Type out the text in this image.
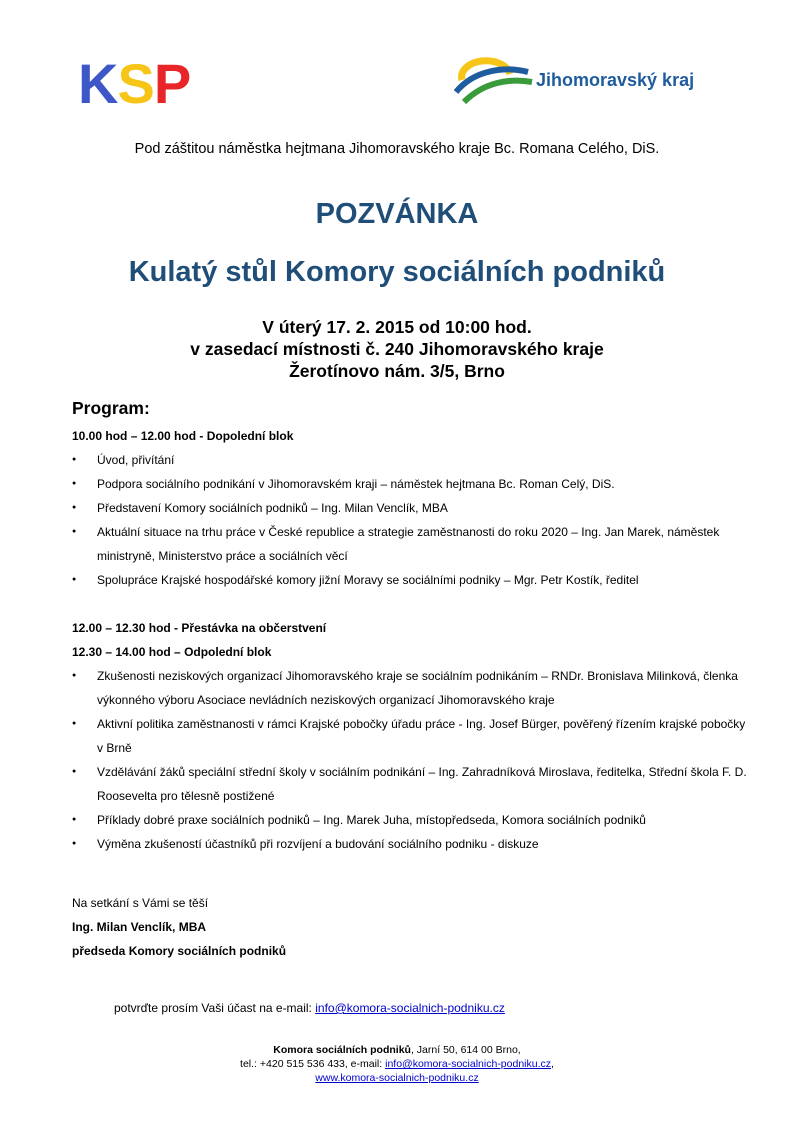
KSP	Jihomoravský kraj
Pod záštitou náměstka hejtmana Jihomoravského kraje Bc. Romana Celého, DiS.
POZVÁNKA
Kulatý stůl Komory sociálních podniků
V úterý 17. 2. 2015 od 10:00 hod.
v zasedací místnosti č. 240 Jihomoravského kraje
Žerotínovo nám. 3/5, Brno
Program:
10.00 hod – 12.00 hod - Dopolední blok
● Úvod, přivítání
● Podpora sociálního podnikání v Jihomoravském kraji – náměstek hejtmana Bc. Roman Celý, DiS.
● Představení Komory sociálních podniků – Ing. Milan Venclík, MBA
● Aktuální situace na trhu práce v České republice a strategie zaměstnanosti do roku 2020 – Ing. Jan Marek, náměstek ministryně, Ministerstvo práce a sociálních věcí
● Spolupráce Krajské hospodářské komory jižní Moravy se sociálními podniky – Mgr. Petr Kostík, ředitel
12.00 – 12.30 hod - Přestávka na občerstvení
12.30 – 14.00 hod – Odpolední blok
● Zkušenosti neziskových organizací Jihomoravského kraje se sociálním podnikáním – RNDr. Bronislava Milinková, členka výkonného výboru Asociace nevládních neziskových organizací Jihomoravského kraje
● Aktivní politika zaměstnanosti v rámci Krajské pobočky úřadu práce - Ing. Josef Bürger, pověřený řízením krajské pobočky v Brně
● Vzdělávání žáků speciální střední školy v sociálním podnikání – Ing. Zahradníková Miroslava, ředitelka, Střední škola F. D. Roosevelta pro tělesně postižené
● Příklady dobré praxe sociálních podniků – Ing. Marek Juha, místopředseda, Komora sociálních podniků
● Výměna zkušeností účastníků při rozvíjení a budování sociálního podniku - diskuze
Na setkání s Vámi se těší
Ing. Milan Venclík, MBA
předseda Komory sociálních podniků
potvrďte prosím Vaši účast na e-mail: info@komora-socialnich-podniku.cz
Komora sociálních podniků, Jarní 50, 614 00 Brno,
tel.: +420 515 536 433, e-mail: info@komora-socialnich-podniku.cz,
www.komora-socialnich-podniku.cz
